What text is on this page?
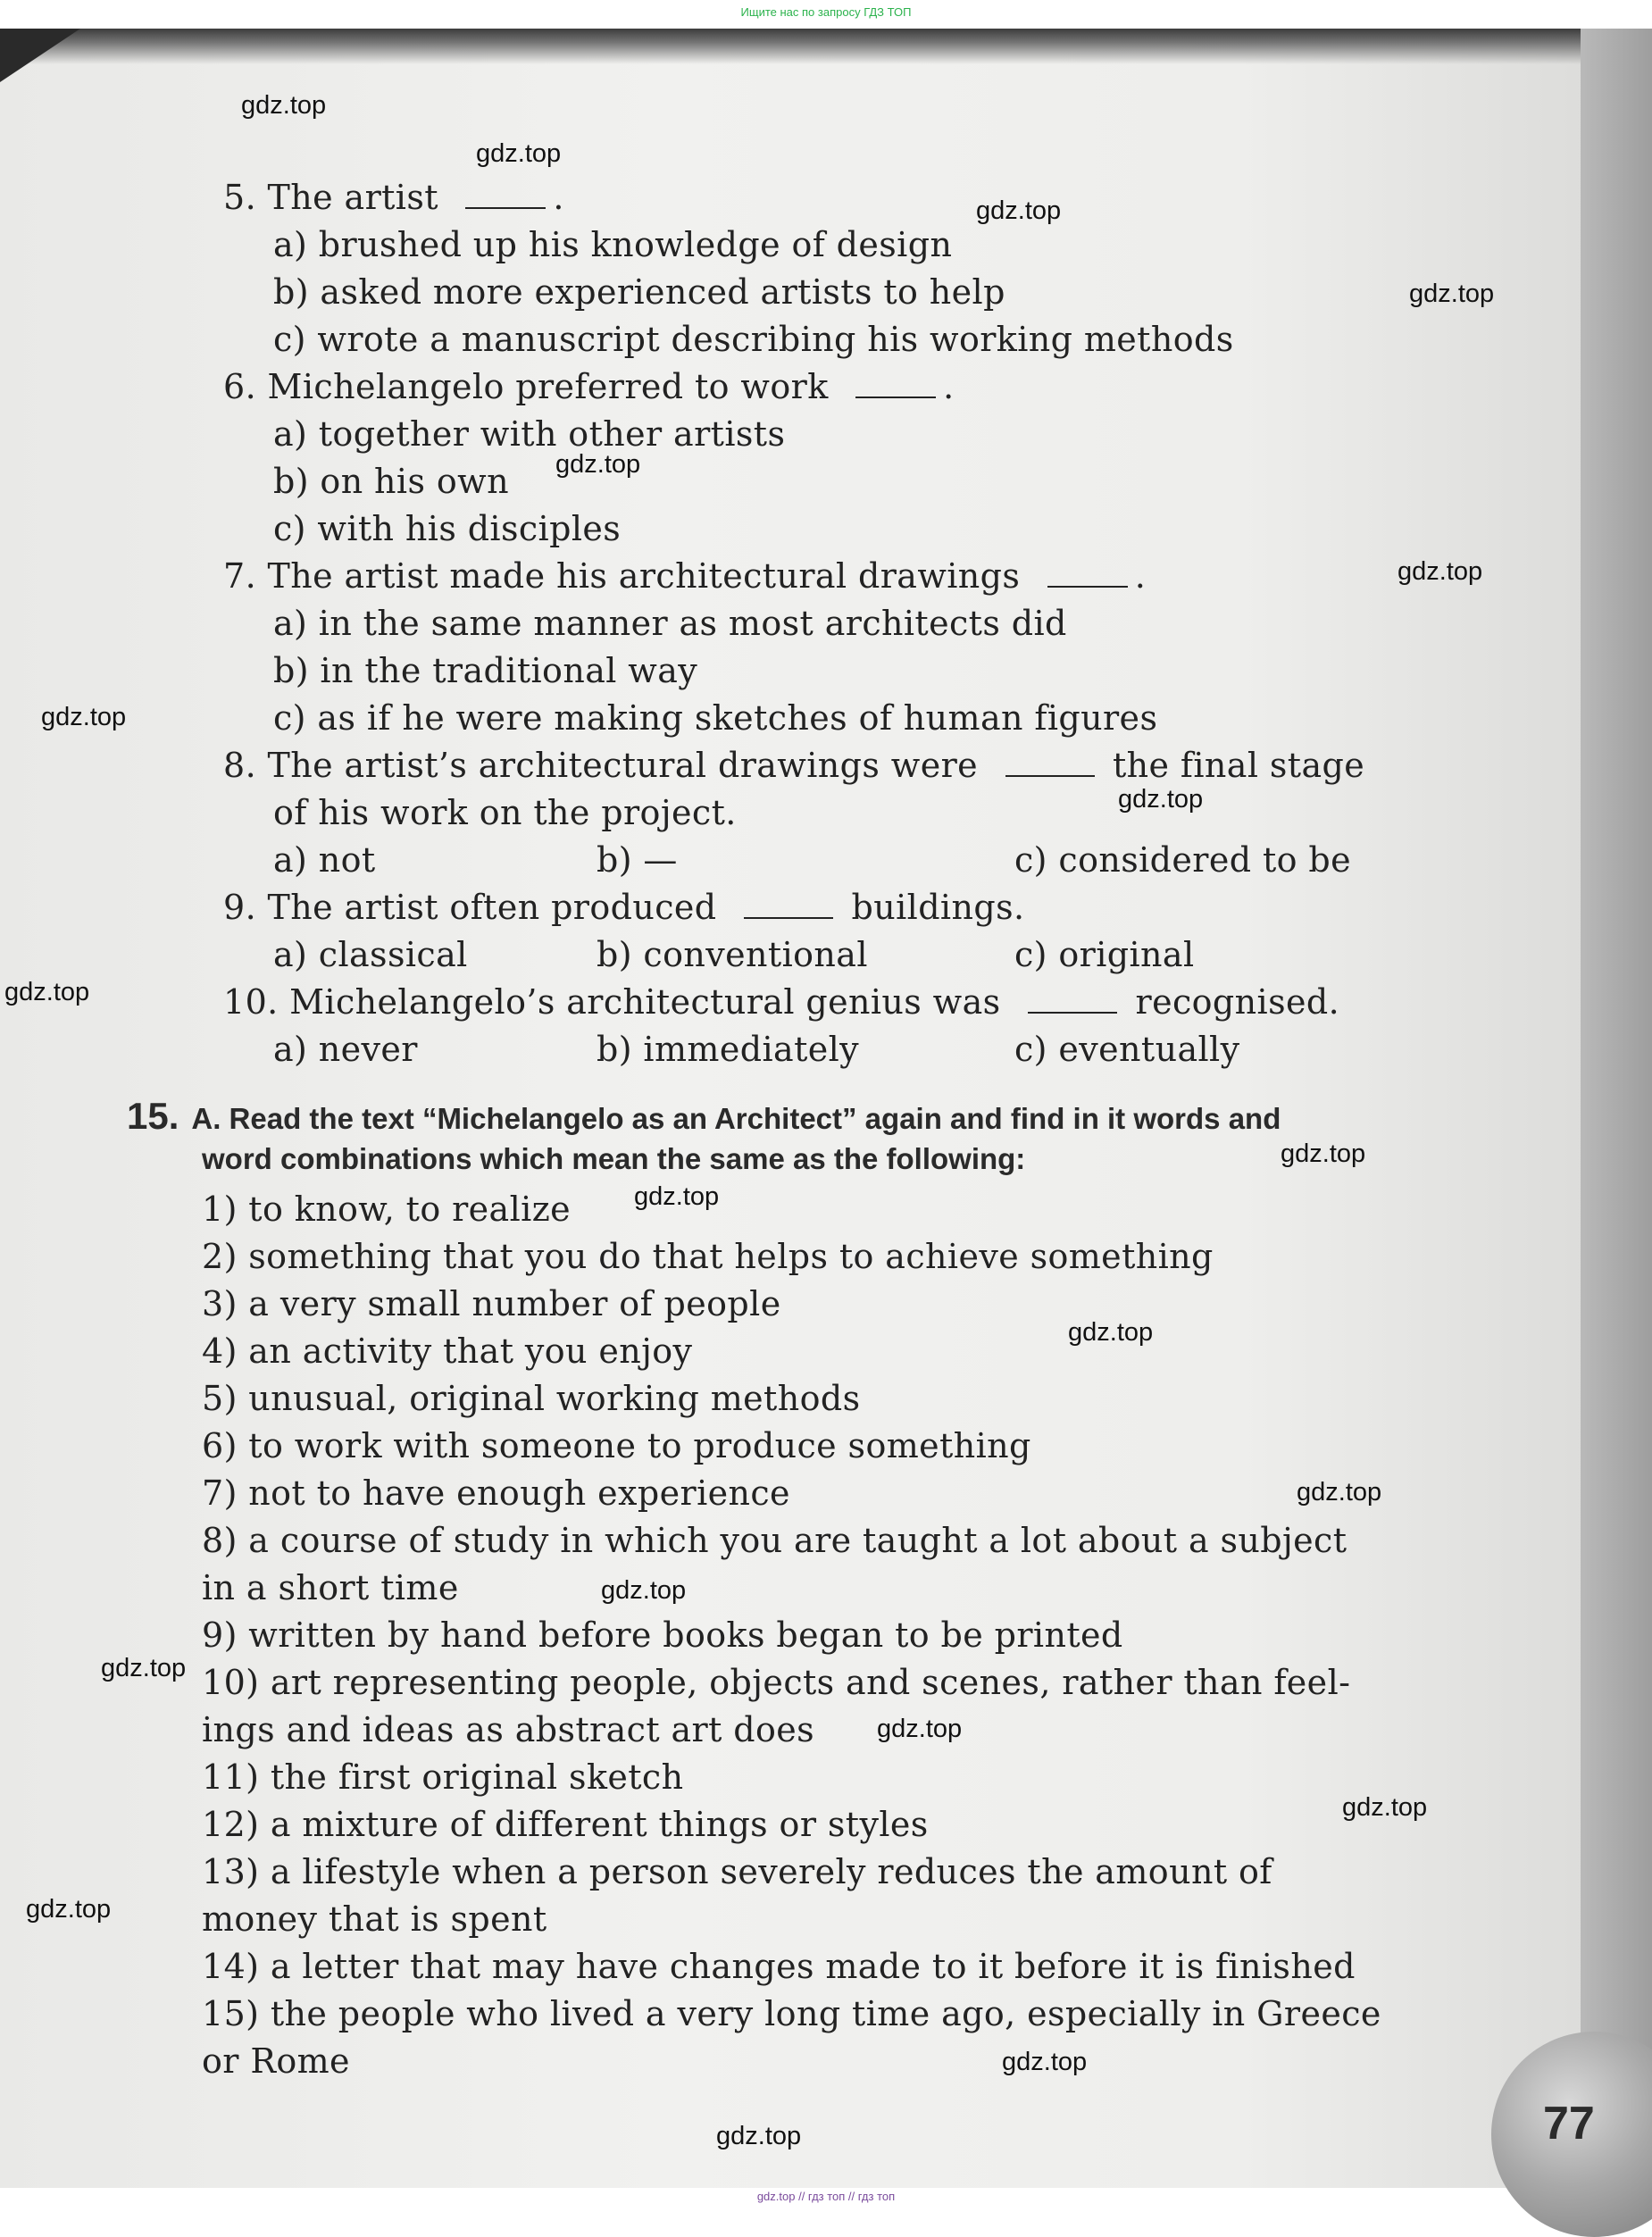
Ищите нас по запросу ГДЗ ТОП
5. The artist	.
a) brushed up his knowledge of design
b) asked more experienced artists to help
c) wrote a manuscript describing his working methods
6. Michelangelo preferred to work	.
a) together with other artists
b) on his own
c) with his disciples
7. The artist made his architectural drawings	.
a) in the same manner as most architects did
b) in the traditional way
c) as if he were making sketches of human figures
8. The artist’s architectural drawings were	the final stage
of his work on the project.
a) not	b) —	c) considered to be
9. The artist often produced	buildings.
a) classical	b) conventional	c) original
10. Michelangelo’s architectural genius was	recognised.
a) never	b) immediately	c) eventually
15. A. Read the text “Michelangelo as an Architect” again and find in it words and
word combinations which mean the same as the following:
1) to know, to realize
2) something that you do that helps to achieve something
3) a very small number of people
4) an activity that you enjoy
5) unusual, original working methods
6) to work with someone to produce something
7) not to have enough experience
8) a course of study in which you are taught a lot about a subject
in a short time
9) written by hand before books began to be printed
10) art representing people, objects and scenes, rather than feel-
ings and ideas as abstract art does
11) the first original sketch
12) a mixture of different things or styles
13) a lifestyle when a person severely reduces the amount of
money that is spent
14) a letter that may have changes made to it before it is finished
15) the people who lived a very long time ago, especially in Greece
or Rome
gdz.top
gdz.top
gdz.top
gdz.top
gdz.top
gdz.top
gdz.top
gdz.top
gdz.top
gdz.top
gdz.top
gdz.top
gdz.top
gdz.top
gdz.top
gdz.top
gdz.top
gdz.top
gdz.top
gdz.top	77
gdz.top // гдз топ // гдз топ
